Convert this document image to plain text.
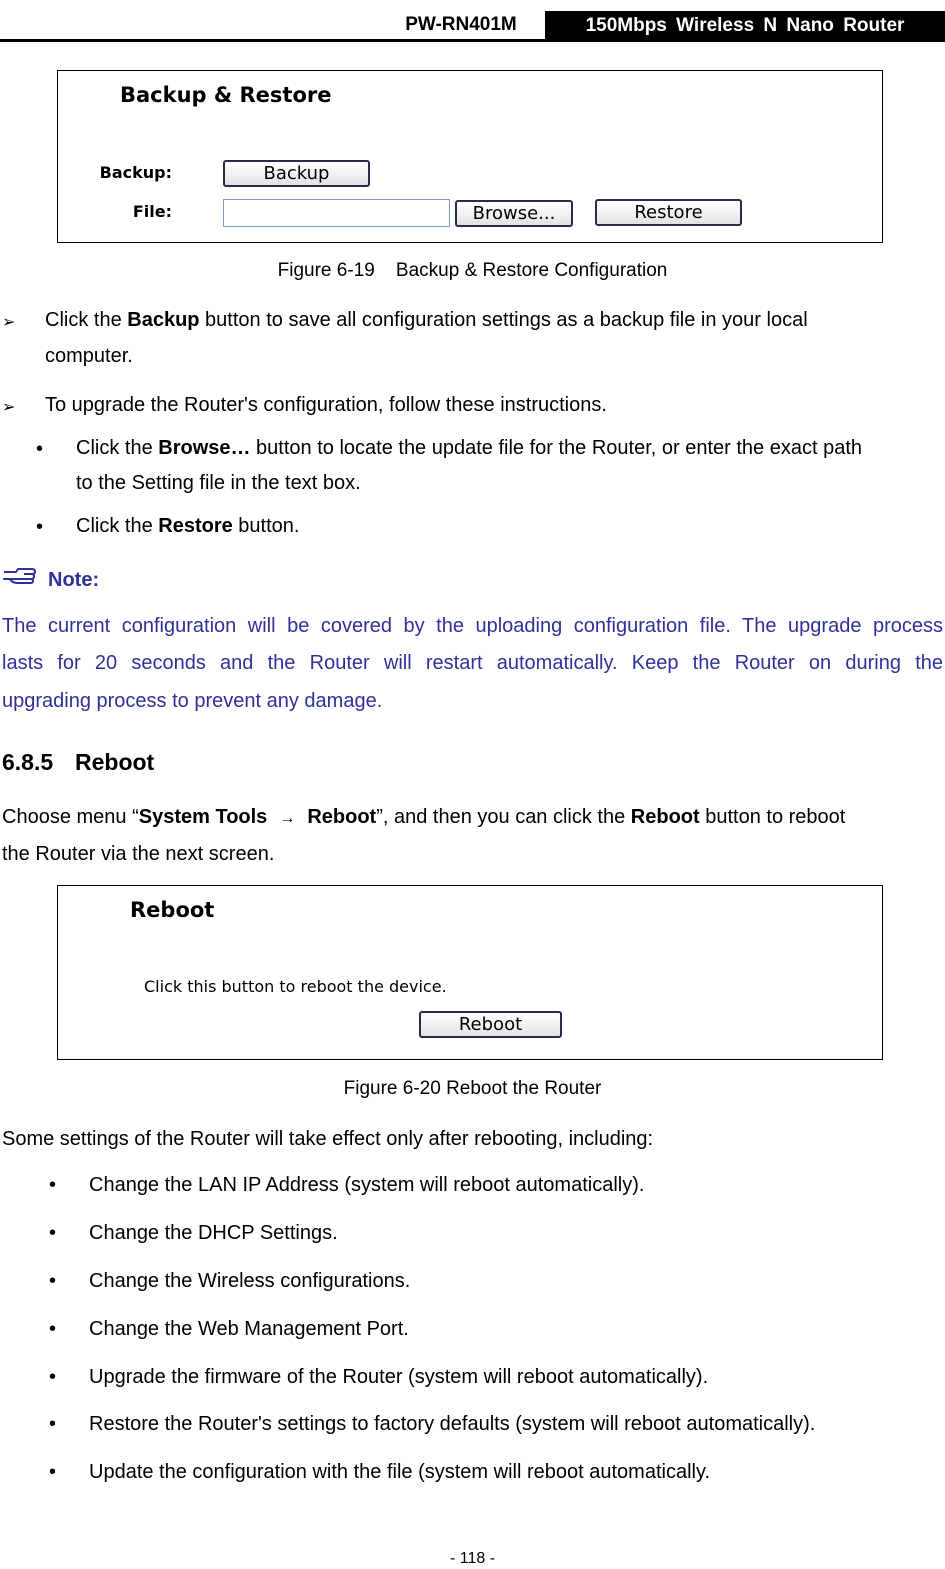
PW-RN401M	150Mbps Wireless N Nano Router
Backup & Restore
Backup:	Backup
File:	Browse...	Restore
Figure 6-19    Backup & Restore Configuration
➢ Click the Backup button to save all configuration settings as a backup file in your local
computer.
➢ To upgrade the Router's configuration, follow these instructions.
• Click the Browse… button to locate the update file for the Router, or enter the exact path
to the Setting file in the text box.
• Click the Restore button.
Note:
The current configuration will be covered by the uploading configuration file. The upgrade process
lasts for 20 seconds and the Router will restart automatically. Keep the Router on during the
upgrading process to prevent any damage.
6.8.5 Reboot
Choose menu “System Tools → Reboot”, and then you can click the Reboot button to reboot
the Router via the next screen.
Reboot
Click this button to reboot the device.
Reboot
Figure 6-20 Reboot the Router
Some settings of the Router will take effect only after rebooting, including:
• Change the LAN IP Address (system will reboot automatically).
• Change the DHCP Settings.
• Change the Wireless configurations.
• Change the Web Management Port.
• Upgrade the firmware of the Router (system will reboot automatically).
• Restore the Router's settings to factory defaults (system will reboot automatically).
• Update the configuration with the file (system will reboot automatically.
- 118 -
